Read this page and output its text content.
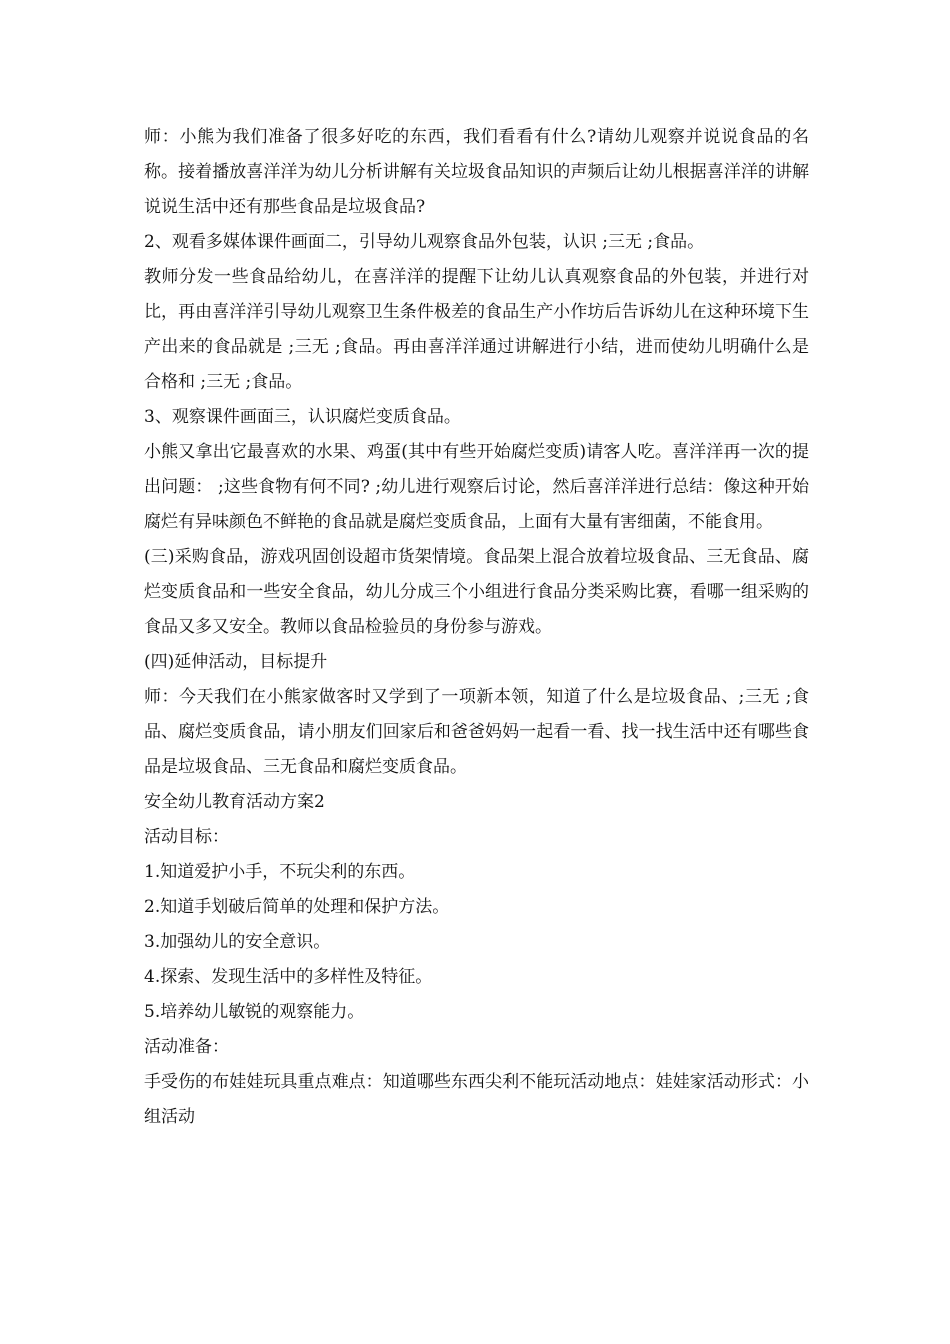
师：小熊为我们准备了很多好吃的东西，我们看看有什么?请幼儿观察并说说食品的名称。接着播放喜洋洋为幼儿分析讲解有关垃圾食品知识的声频后让幼儿根据喜洋洋的讲解说说生活中还有那些食品是垃圾食品?

2、观看多媒体课件画面二，引导幼儿观察食品外包装，认识 ;三无 ;食品。

教师分发一些食品给幼儿，在喜洋洋的提醒下让幼儿认真观察食品的外包装，并进行对比，再由喜洋洋引导幼儿观察卫生条件极差的食品生产小作坊后告诉幼儿在这种环境下生产出来的食品就是 ;三无 ;食品。再由喜洋洋通过讲解进行小结，进而使幼儿明确什么是合格和 ;三无 ;食品。

3、观察课件画面三，认识腐烂变质食品。

小熊又拿出它最喜欢的水果、鸡蛋(其中有些开始腐烂变质)请客人吃。喜洋洋再一次的提出问题： ;这些食物有何不同? ;幼儿进行观察后讨论，然后喜洋洋进行总结：像这种开始腐烂有异味颜色不鲜艳的食品就是腐烂变质食品，上面有大量有害细菌，不能食用。

(三)采购食品，游戏巩固创设超市货架情境。食品架上混合放着垃圾食品、三无食品、腐烂变质食品和一些安全食品，幼儿分成三个小组进行食品分类采购比赛，看哪一组采购的食品又多又安全。教师以食品检验员的身份参与游戏。

(四)延伸活动，目标提升

师：今天我们在小熊家做客时又学到了一项新本领，知道了什么是垃圾食品、;三无 ;食品、腐烂变质食品，请小朋友们回家后和爸爸妈妈一起看一看、找一找生活中还有哪些食品是垃圾食品、三无食品和腐烂变质食品。

安全幼儿教育活动方案2

活动目标：

1.知道爱护小手，不玩尖利的东西。

2.知道手划破后简单的处理和保护方法。

3.加强幼儿的安全意识。

4.探索、发现生活中的多样性及特征。

5.培养幼儿敏锐的观察能力。

活动准备：

手受伤的布娃娃玩具重点难点：知道哪些东西尖利不能玩活动地点：娃娃家活动形式：小组活动
